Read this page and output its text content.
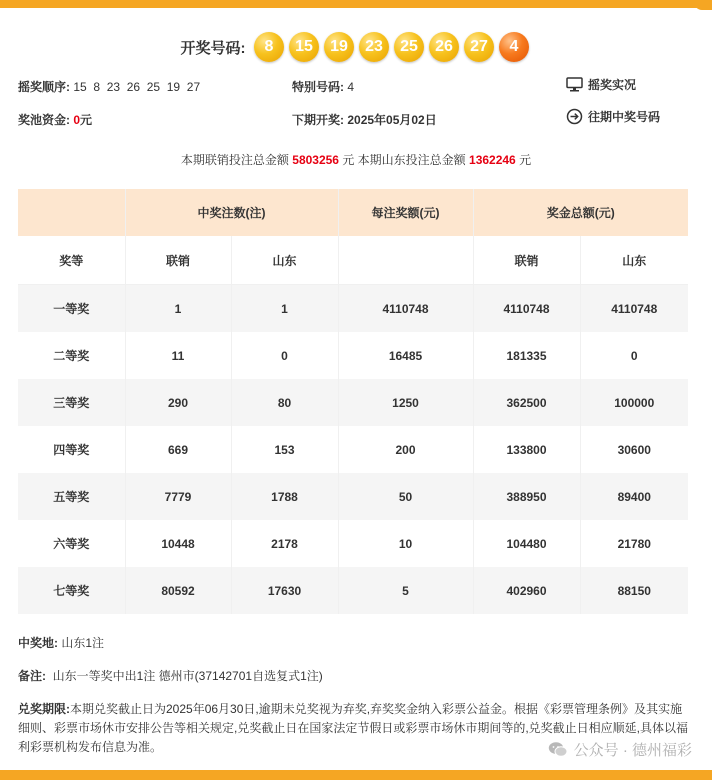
开奖号码:	8	15	19	23	25	26	27	4
摇奖顺序: 15  8  23  26  25  19  27	特别号码: 4	摇奖实况
奖池资金: 0元	下期开奖: 2025年05月02日	往期中奖号码
本期联销投注总金额 5803256 元 本期山东投注总金额 1362246 元
	中奖注数(注)		每注奖额(元)	奖金总额(元)	
奖等	联销	山东		联销	山东
一等奖	1	1	4110748	4110748	4110748
二等奖	11	0	16485	181335	0
三等奖	290	80	1250	362500	100000
四等奖	669	153	200	133800	30600
五等奖	7779	1788	50	388950	89400
六等奖	10448	2178	10	104480	21780
七等奖	80592	17630	5	402960	88150
中奖地: 山东1注
备注: 山东一等奖中出1注 德州市(37142701自选复式1注)
兑奖期限:本期兑奖截止日为2025年06月30日,逾期未兑奖视为弃奖,弃奖奖金纳入彩票公益金。根据《彩票管理条例》及其实施细则、彩票市场休市安排公告等相关规定,兑奖截止日在国家法定节假日或彩票市场休市期间等的,兑奖截止日相应顺延,具体以福利彩票机构发布信息为准。	公众号 · 德州福彩
